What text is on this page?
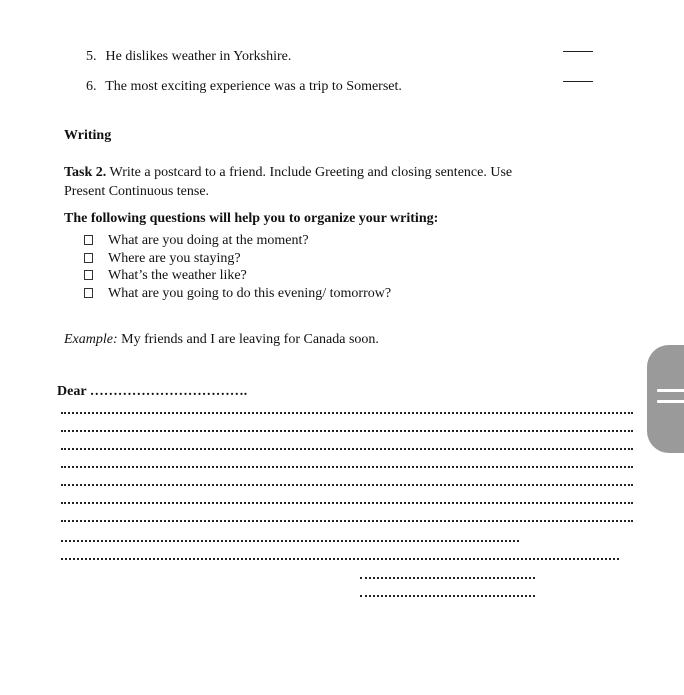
5. He dislikes weather in Yorkshire.
6. The most exciting experience was a trip to Somerset.
Writing
Task 2. Write a postcard to a friend. Include Greeting and closing sentence. Use Present Continuous tense.
The following questions will help you to organize your writing:
What are you doing at the moment?
Where are you staying?
What’s the weather like?
What are you going to do this evening/ tomorrow?
Example: My friends and I are leaving for Canada soon.
Dear …………………………….
